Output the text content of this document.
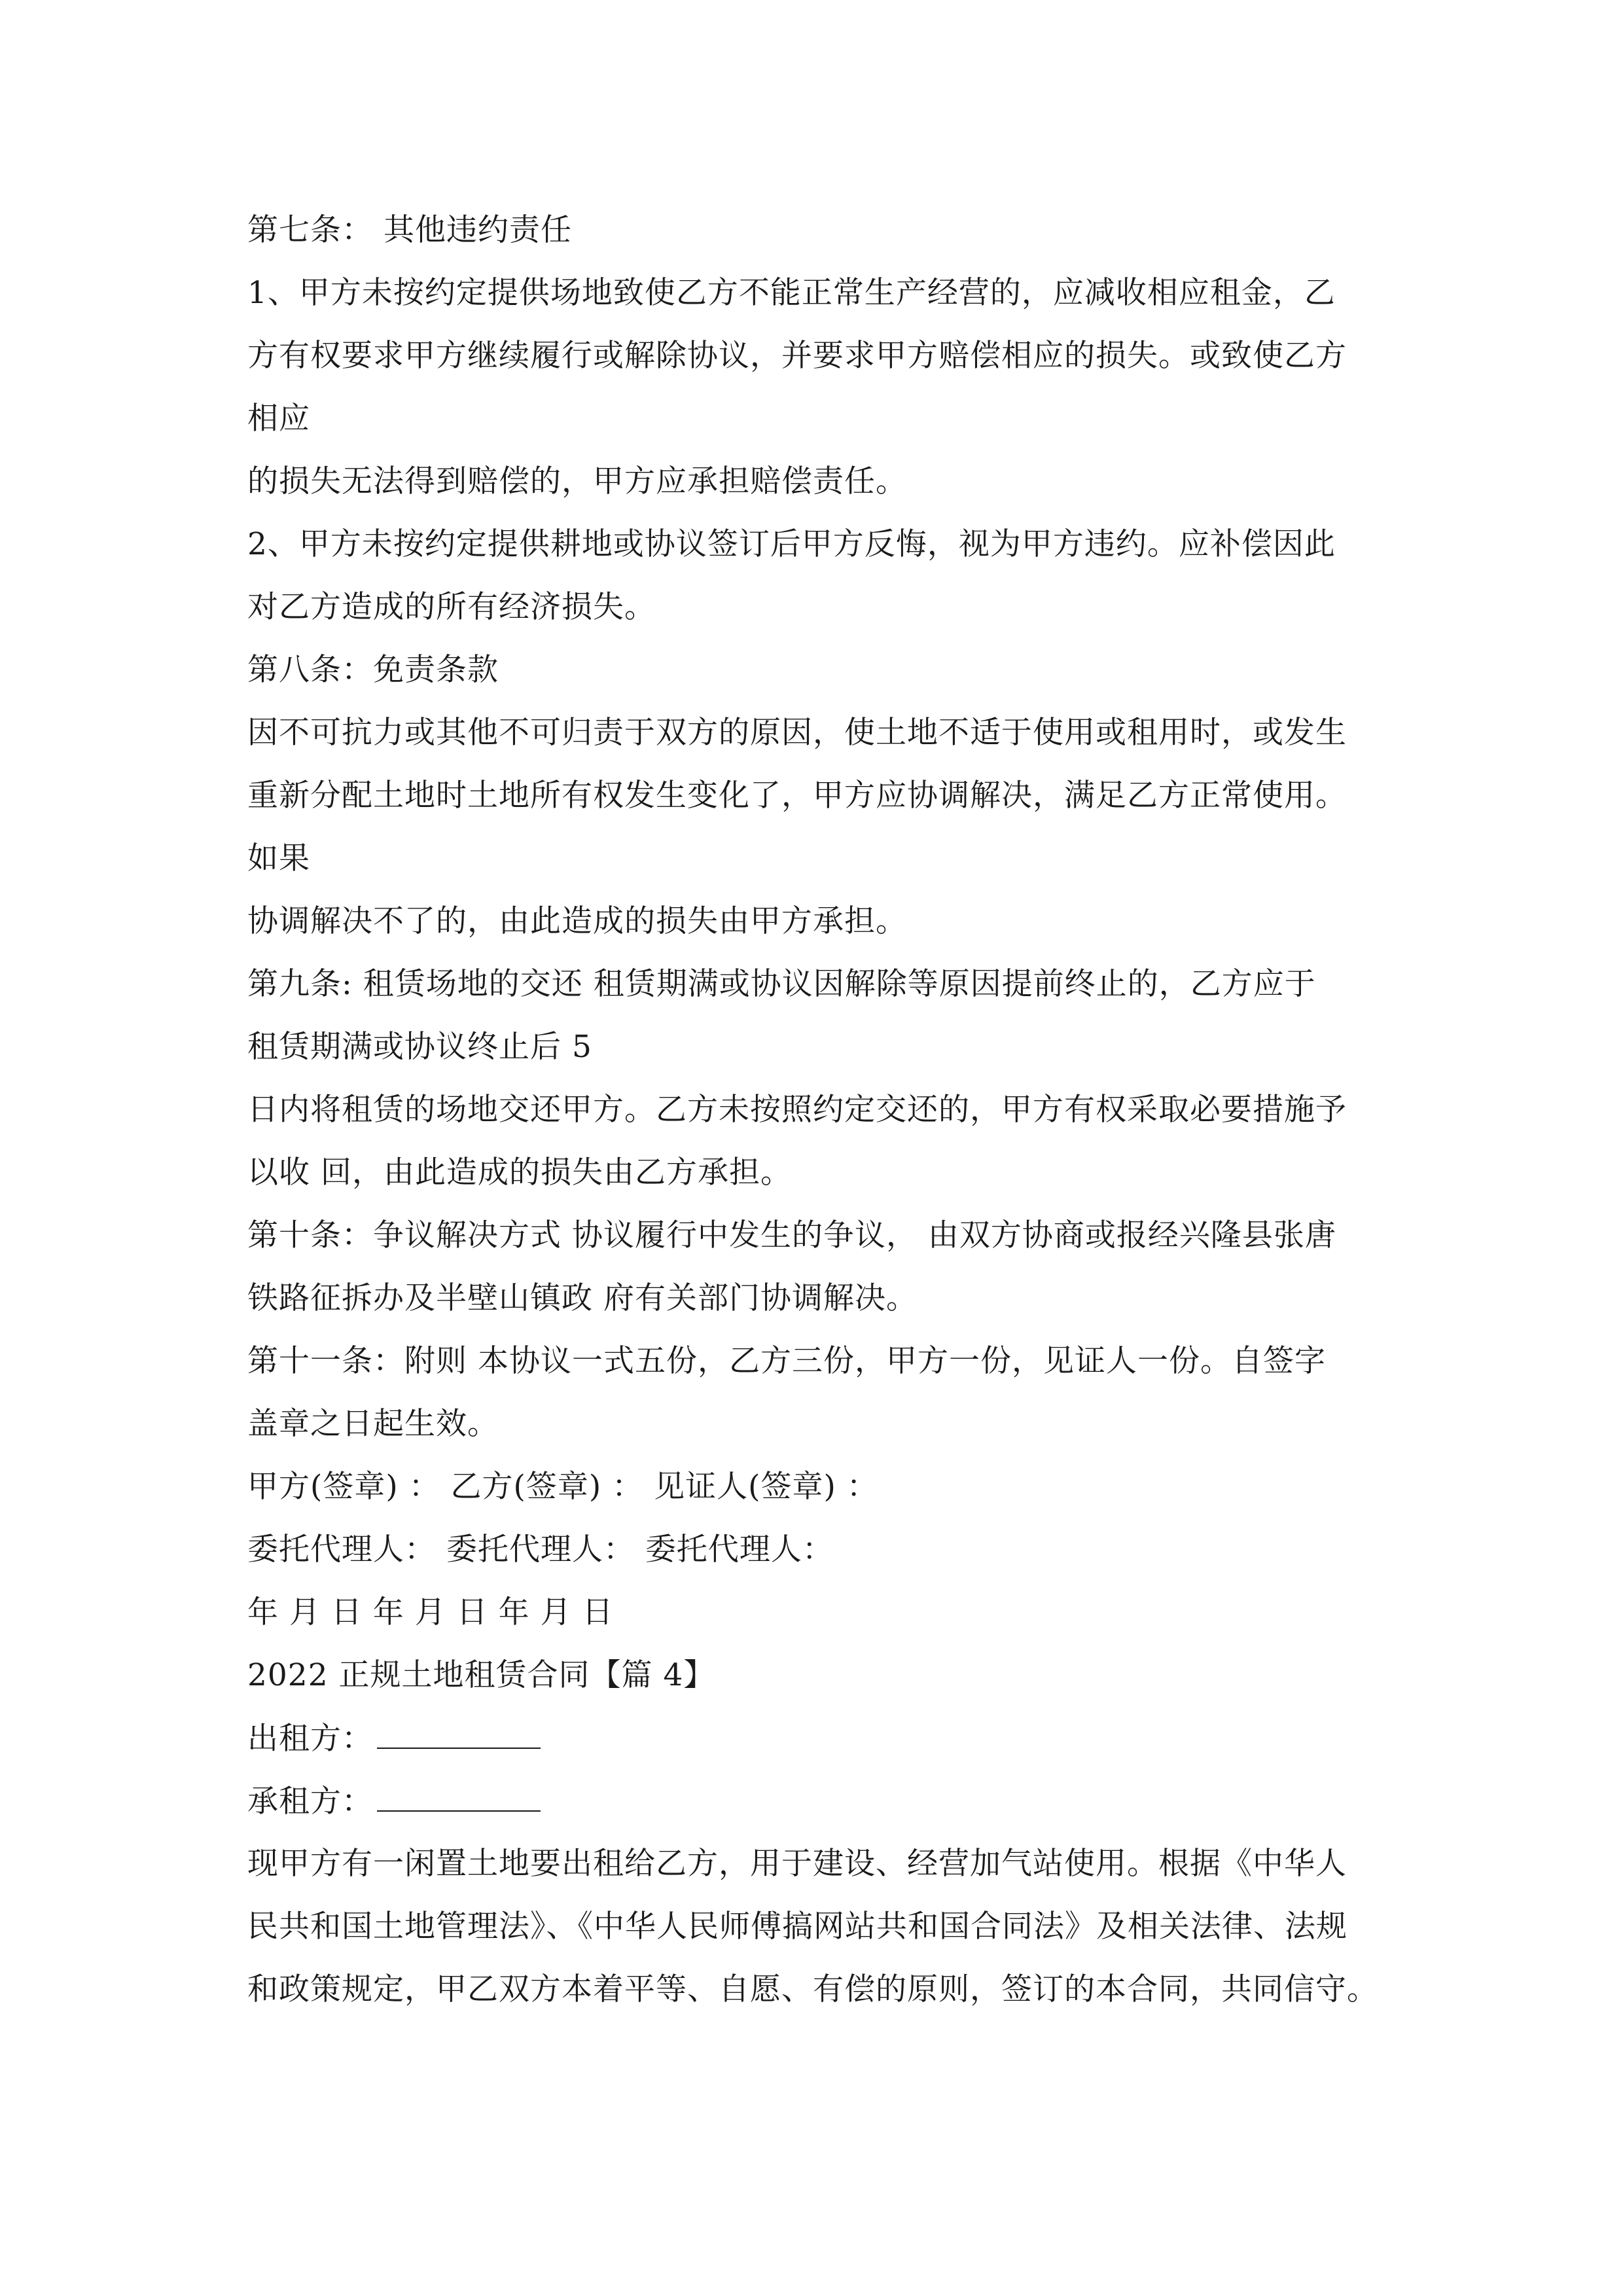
第七条： 其他违约责任
1、甲方未按约定提供场地致使乙方不能正常生产经营的，应减收相应租金，乙
方有权要求甲方继续履行或解除协议，并要求甲方赔偿相应的损失。或致使乙方
相应
的损失无法得到赔偿的，甲方应承担赔偿责任。
2、甲方未按约定提供耕地或协议签订后甲方反悔，视为甲方违约。应补偿因此
对乙方造成的所有经济损失。
第八条：免责条款
因不可抗力或其他不可归责于双方的原因，使土地不适于使用或租用时，或发生
重新分配土地时土地所有权发生变化了，甲方应协调解决，满足乙方正常使用。
如果
协调解决不了的，由此造成的损失由甲方承担。
第九条: 租赁场地的交还 租赁期满或协议因解除等原因提前终止的，乙方应于
租赁期满或协议终止后 5
日内将租赁的场地交还甲方。乙方未按照约定交还的，甲方有权采取必要措施予
以收 回，由此造成的损失由乙方承担。
第十条：争议解决方式 协议履行中发生的争议， 由双方协商或报经兴隆县张唐
铁路征拆办及半壁山镇政 府有关部门协调解决。
第十一条：附则 本协议一式五份，乙方三份，甲方一份，见证人一份。自签字
盖章之日起生效。
甲方(签章) ： 乙方(签章) ： 见证人(签章) ：
委托代理人： 委托代理人： 委托代理人：
年 月 日 年 月 日 年 月 日
2022 正规土地租赁合同【篇 4】
出租方：
承租方：
现甲方有一闲置土地要出租给乙方，用于建设、经营加气站使用。根据《中华人
民共和国土地管理法》、《中华人民师傅搞网站共和国合同法》及相关法律、法规
和政策规定，甲乙双方本着平等、自愿、有偿的原则，签订的本合同，共同信守。
